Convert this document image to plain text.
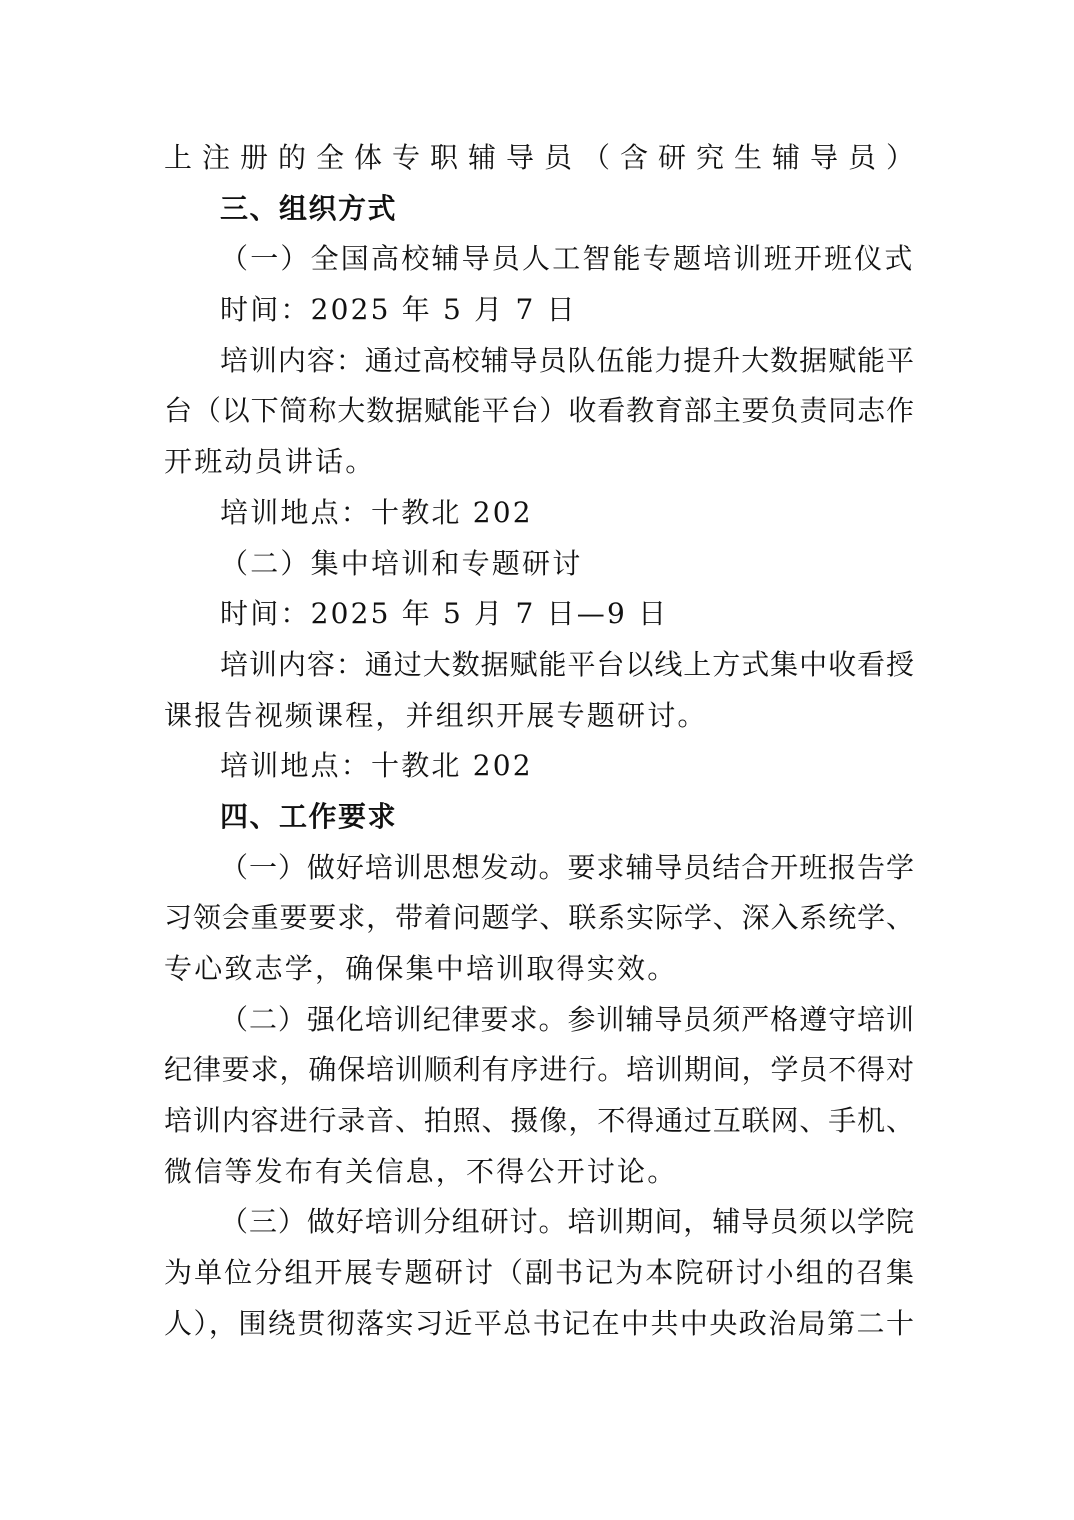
上注册的全体专职辅导员（含研究生辅导员）

三、组织方式

（一）全国高校辅导员人工智能专题培训班开班仪式

时间：2025 年 5 月 7 日

培训内容：通过高校辅导员队伍能力提升大数据赋能平

台（以下简称大数据赋能平台）收看教育部主要负责同志作

开班动员讲话。

培训地点：十教北 202

（二）集中培训和专题研讨

时间：2025 年 5 月 7 日—9 日

培训内容：通过大数据赋能平台以线上方式集中收看授

课报告视频课程，并组织开展专题研讨。

培训地点：十教北 202

四、工作要求

（一）做好培训思想发动。要求辅导员结合开班报告学

习领会重要要求，带着问题学、联系实际学、深入系统学、

专心致志学，确保集中培训取得实效。

（二）强化培训纪律要求。参训辅导员须严格遵守培训

纪律要求，确保培训顺利有序进行。培训期间，学员不得对

培训内容进行录音、拍照、摄像，不得通过互联网、手机、

微信等发布有关信息，不得公开讨论。

（三）做好培训分组研讨。培训期间，辅导员须以学院

为单位分组开展专题研讨（副书记为本院研讨小组的召集

人），围绕贯彻落实习近平总书记在中共中央政治局第二十
